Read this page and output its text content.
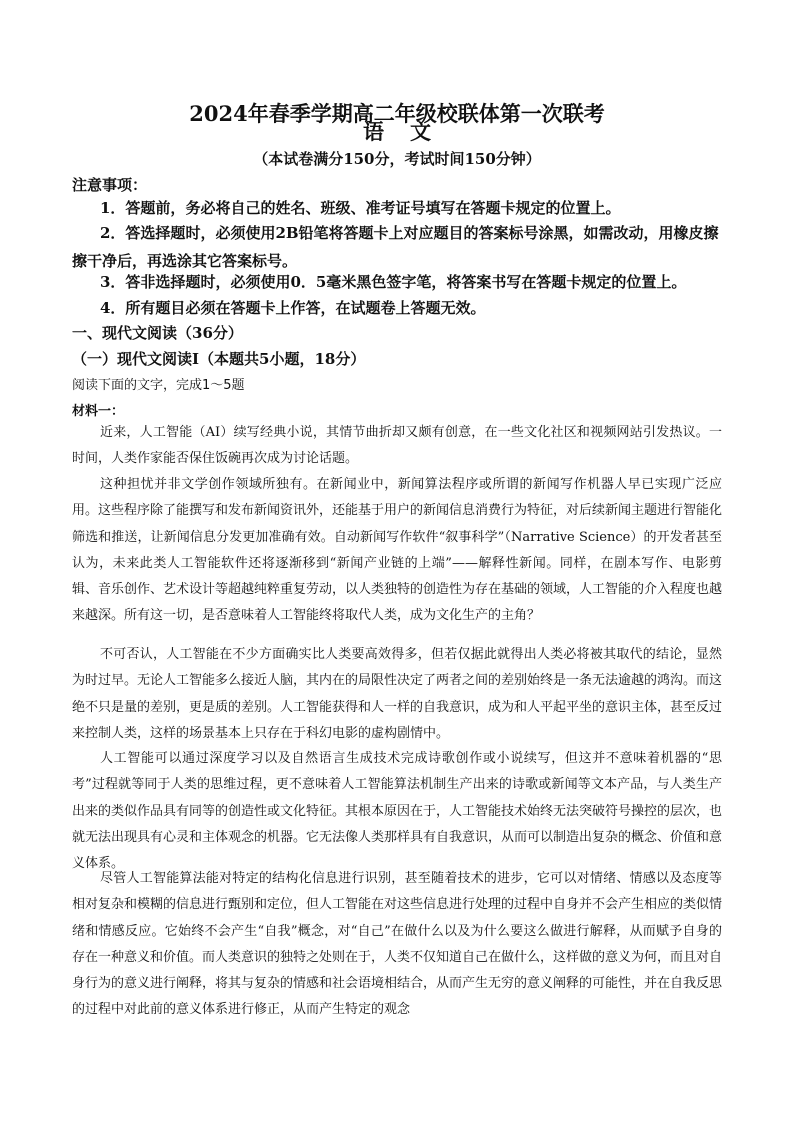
2024年春季学期高二年级校联体第一次联考
语文
（本试卷满分150分，考试时间150分钟）
注意事项：
1．答题前，务必将自己的姓名、班级、准考证号填写在答题卡规定的位置上。
2．答选择题时，必须使用2B铅笔将答题卡上对应题目的答案标号涂黑，如需改动，用橡皮擦擦干净后，再选涂其它答案标号。
3．答非选择题时，必须使用0．5毫米黑色签字笔，将答案书写在答题卡规定的位置上。
4．所有题目必须在答题卡上作答，在试题卷上答题无效。
一、现代文阅读（36分）
（一）现代文阅读Ⅰ（本题共5小题，18分）
阅读下面的文字，完成1～5题
材料一：
近来，人工智能（AI）续写经典小说，其情节曲折却又颇有创意，在一些文化社区和视频网站引发热议。一时间，人类作家能否保住饭碗再次成为讨论话题。
这种担忧并非文学创作领域所独有。在新闻业中，新闻算法程序或所谓的新闻写作机器人早已实现广泛应用。这些程序除了能撰写和发布新闻资讯外，还能基于用户的新闻信息消费行为特征，对后续新闻主题进行智能化筛选和推送，让新闻信息分发更加准确有效。自动新闻写作软件“叙事科学”（Narrative Science）的开发者甚至认为，未来此类人工智能软件还将逐渐移到“新闻产业链的上端”——解释性新闻。同样，在剧本写作、电影剪辑、音乐创作、艺术设计等超越纯粹重复劳动，以人类独特的创造性为存在基础的领域，人工智能的介入程度也越来越深。所有这一切，是否意味着人工智能终将取代人类，成为文化生产的主角？
不可否认，人工智能在不少方面确实比人类要高效得多，但若仅据此就得出人类必将被其取代的结论，显然为时过早。无论人工智能多么接近人脑，其内在的局限性决定了两者之间的差别始终是一条无法逾越的鸿沟。而这绝不只是量的差别，更是质的差别。人工智能获得和人一样的自我意识，成为和人平起平坐的意识主体，甚至反过来控制人类，这样的场景基本上只存在于科幻电影的虚构剧情中。
人工智能可以通过深度学习以及自然语言生成技术完成诗歌创作或小说续写，但这并不意味着机器的“思考”过程就等同于人类的思维过程，更不意味着人工智能算法机制生产出来的诗歌或新闻等文本产品，与人类生产出来的类似作品具有同等的创造性或文化特征。其根本原因在于，人工智能技术始终无法突破符号操控的层次，也就无法出现具有心灵和主体观念的机器。它无法像人类那样具有自我意识，从而可以制造出复杂的概念、价值和意义体系。
尽管人工智能算法能对特定的结构化信息进行识别，甚至随着技术的进步，它可以对情绪、情感以及态度等相对复杂和模糊的信息进行甄别和定位，但人工智能在对这些信息进行处理的过程中自身并不会产生相应的类似情绪和情感反应。它始终不会产生“自我”概念，对“自己”在做什么以及为什么要这么做进行解释，从而赋予自身的存在一种意义和价值。而人类意识的独特之处则在于，人类不仅知道自己在做什么，这样做的意义为何，而且对自身行为的意义进行阐释，将其与复杂的情感和社会语境相结合，从而产生无穷的意义阐释的可能性，并在自我反思的过程中对此前的意义体系进行修正，从而产生特定的观念
